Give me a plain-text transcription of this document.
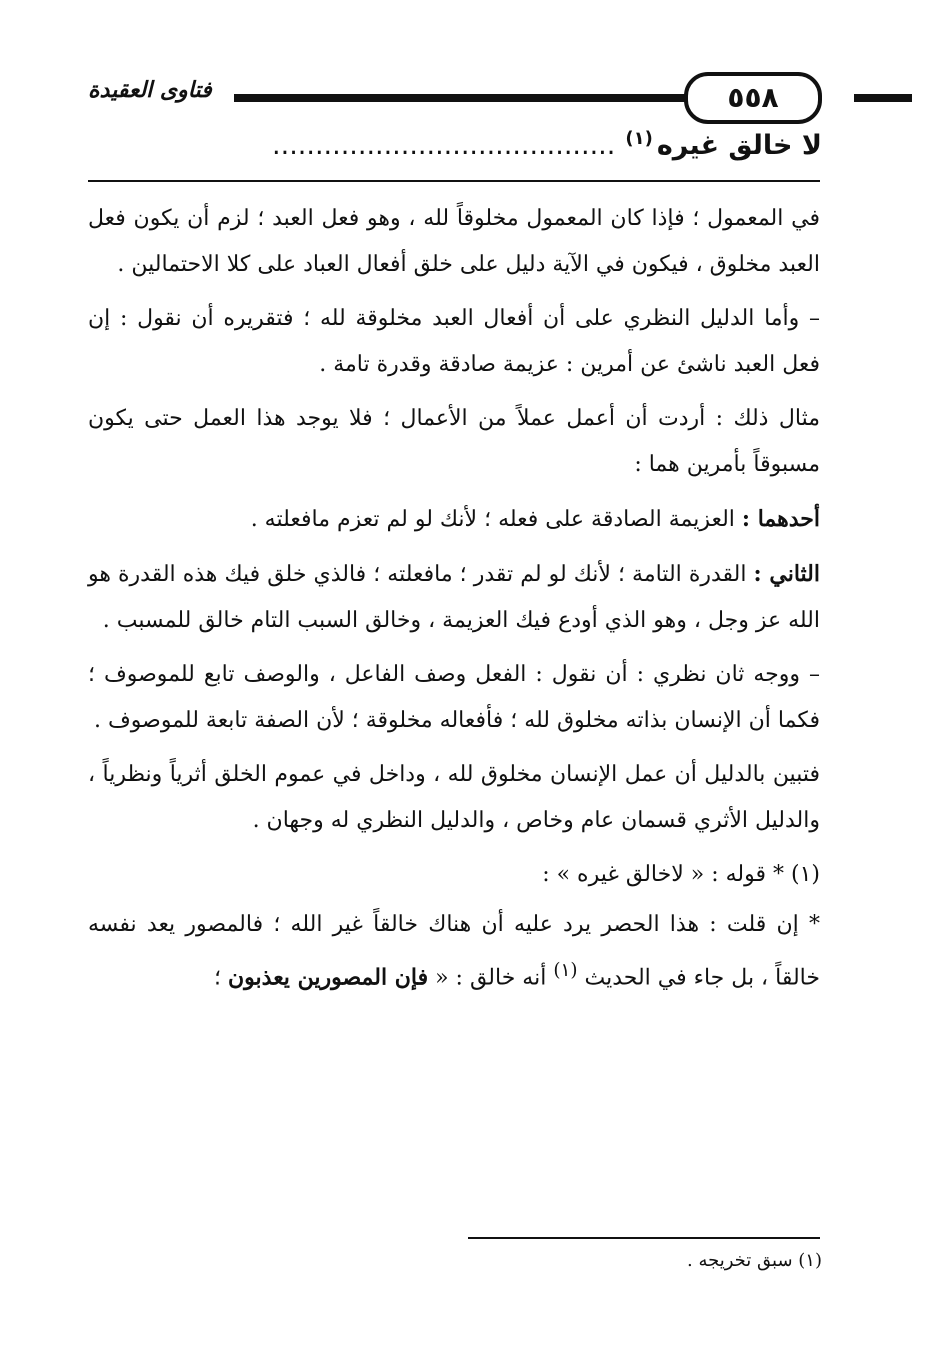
فتاوى العقيدة	٥٥٨
لا خالق غيره$^{(١)}$........................................

في المعمول ؛ فإذا كان المعمول مخلوقاً لله ، وهو فعل العبد ؛ لزم أن يكون فعل العبد مخلوق ، فيكون في الآية دليل على خلق أفعال العباد على كلا الاحتمالين .

– وأما الدليل النظري على أن أفعال العبد مخلوقة لله ؛ فتقريره أن نقول : إن فعل العبد ناشئ عن أمرين : عزيمة صادقة وقدرة تامة .

مثال ذلك : أردت أن أعمل عملاً من الأعمال ؛ فلا يوجد هذا العمل حتى يكون مسبوقاً بأمرين هما :

أحدهما : العزيمة الصادقة على فعله ؛ لأنك لو لم تعزم مافعلته .

الثاني : القدرة التامة ؛ لأنك لو لم تقدر ؛ مافعلته ؛ فالذي خلق فيك هذه القدرة هو الله عز وجل ، وهو الذي أودع فيك العزيمة ، وخالق السبب التام خالق للمسبب .

– ووجه ثان نظري : أن نقول : الفعل وصف الفاعل ، والوصف تابع للموصوف ؛ فكما أن الإنسان بذاته مخلوق لله ؛ فأفعاله مخلوقة ؛ لأن الصفة تابعة للموصوف .

فتبين بالدليل أن عمل الإنسان مخلوق لله ، وداخل في عموم الخلق أثرياً ونظرياً ، والدليل الأثري قسمان عام وخاص ، والدليل النظري له وجهان .

(١) * قوله : « لاخالق غيره » :

* إن قلت : هذا الحصر يرد عليه أن هناك خالقاً غير الله ؛ فالمصور يعد نفسه خالقاً ، بل جاء في الحديث $^{(١)}$ أنه خالق : « فإن المصورين يعذبون ؛

(١) سبق تخريجه .
